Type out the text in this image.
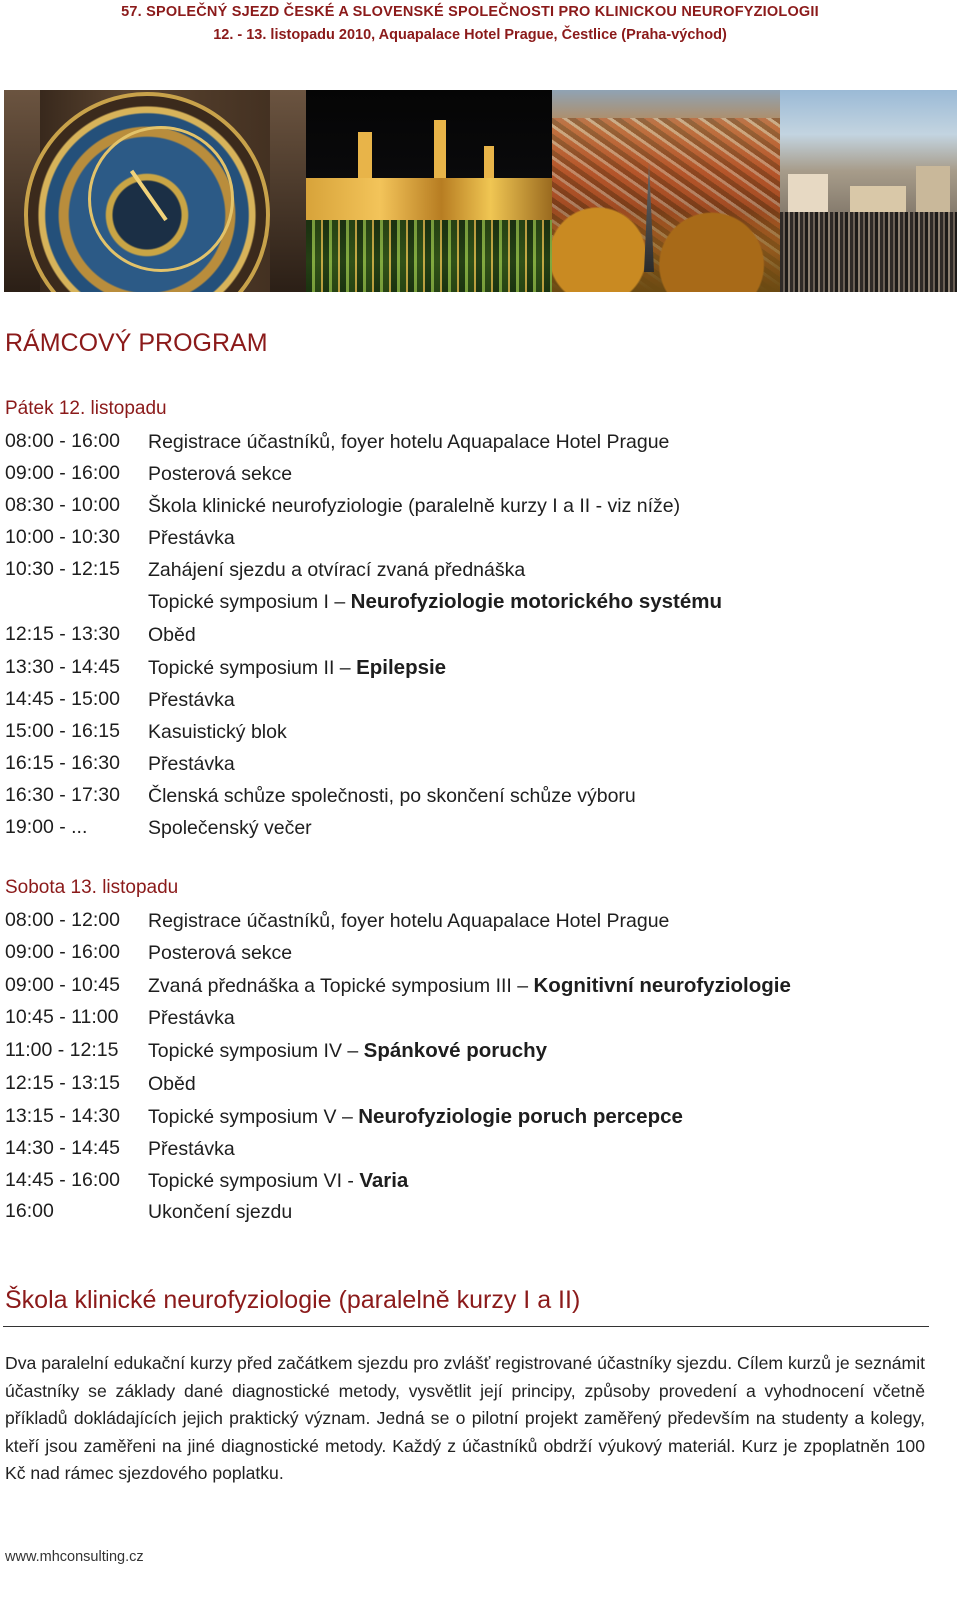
57. SPOLEČNÝ SJEZD ČESKÉ A SLOVENSKÉ SPOLEČNOSTI PRO KLINICKOU NEUROFYZIOLOGII
12. - 13. listopadu 2010, Aquapalace Hotel Prague, Čestlice (Praha-východ)
RÁMCOVÝ PROGRAM
Pátek 12. listopadu
08:00 - 16:00 Registrace účastníků, foyer hotelu Aquapalace Hotel Prague
09:00 - 16:00 Posterová sekce
08:30 - 10:00 Škola klinické neurofyziologie (paralelně kurzy I a II - viz níže)
10:00 - 10:30 Přestávka
10:30 - 12:15 Zahájení sjezdu a otvírací zvaná přednáška
Topické symposium I – Neurofyziologie motorického systému
12:15 - 13:30 Oběd
13:30 - 14:45 Topické symposium II – Epilepsie
14:45 - 15:00 Přestávka
15:00 - 16:15 Kasuistický blok
16:15 - 16:30 Přestávka
16:30 - 17:30 Členská schůze společnosti, po skončení schůze výboru
19:00 - ...	Společenský večer
Sobota 13. listopadu
08:00 - 12:00 Registrace účastníků, foyer hotelu Aquapalace Hotel Prague
09:00 - 16:00 Posterová sekce
09:00 - 10:45 Zvaná přednáška a Topické symposium III – Kognitivní neurofyziologie
10:45 - 11:00 Přestávka
11:00 - 12:15 Topické symposium IV – Spánkové poruchy
12:15 - 13:15 Oběd
13:15 - 14:30 Topické symposium V – Neurofyziologie poruch percepce
14:30 - 14:45 Přestávka
14:45 - 16:00 Topické symposium VI - Varia
16:00	Ukončení sjezdu
Škola klinické neurofyziologie (paralelně kurzy I a II)
Dva paralelní edukační kurzy před začátkem sjezdu pro zvlášť registrované účastníky sjezdu. Cílem kurzů je seznámit účastníky se základy dané diagnostické metody, vysvětlit její principy, způsoby provedení a vyhodnocení včetně příkladů dokládajících jejich praktický význam. Jedná se o pilotní projekt zaměřený především na studenty a kolegy, kteří jsou zaměřeni na jiné diagnostické metody. Každý z účastníků obdrží výukový materiál. Kurz je zpoplatněn 100 Kč nad rámec sjezdového poplatku.
www.mhconsulting.cz
